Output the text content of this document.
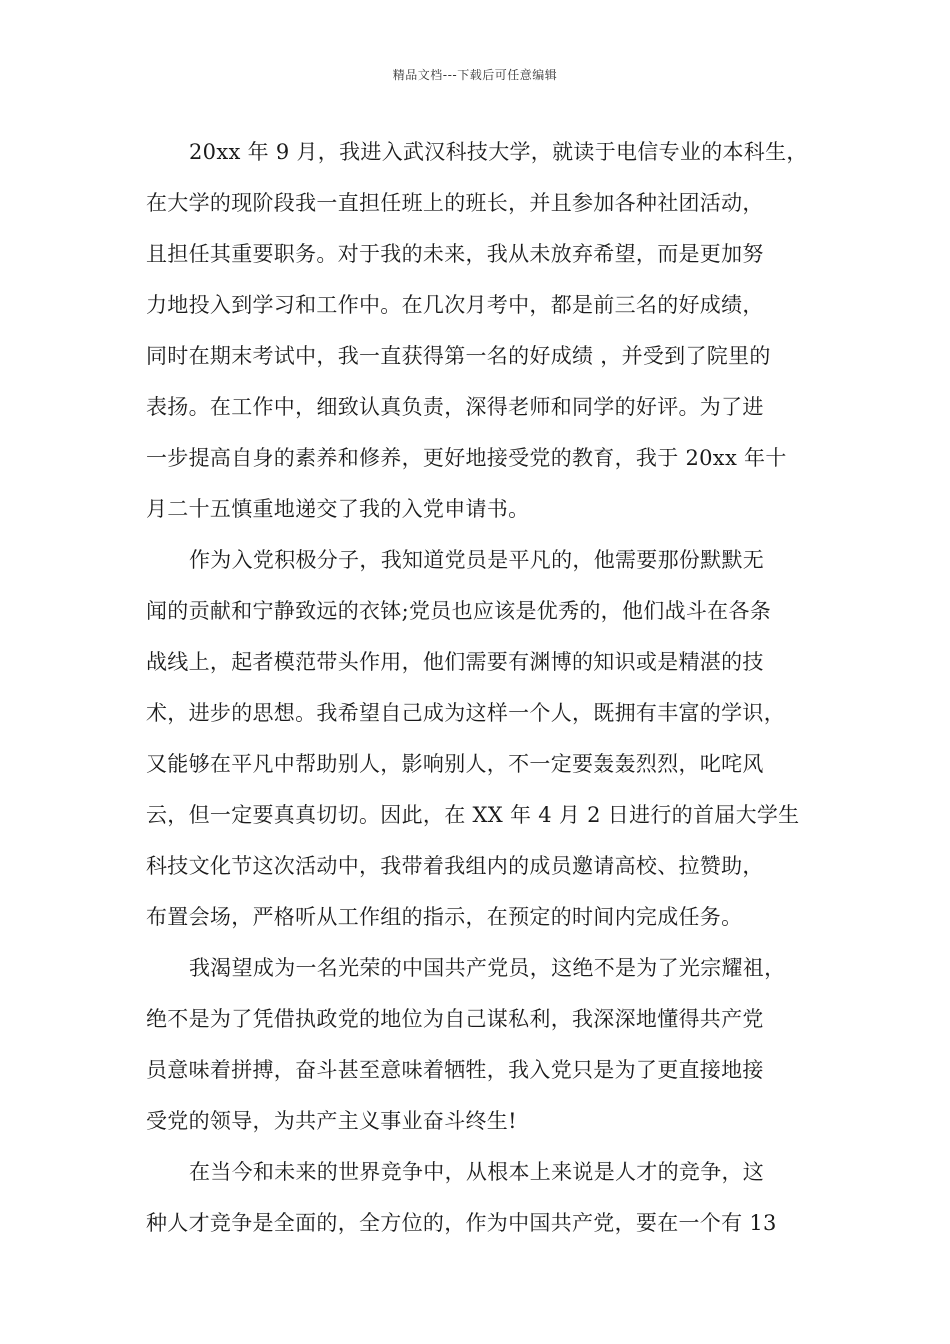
精品文档---下载后可任意编辑
20xx 年 9 月，我进入武汉科技大学，就读于电信专业的本科生，
在大学的现阶段我一直担任班上的班长，并且参加各种社团活动，
且担任其重要职务。对于我的未来，我从未放弃希望，而是更加努
力地投入到学习和工作中。在几次月考中，都是前三名的好成绩，
同时在期末考试中，我一直获得第一名的好成绩 ，并受到了院里的
表扬。在工作中，细致认真负责，深得老师和同学的好评。为了进
一步提高自身的素养和修养，更好地接受党的教育，我于 20xx 年十
月二十五慎重地递交了我的入党申请书。
作为入党积极分子，我知道党员是平凡的，他需要那份默默无
闻的贡献和宁静致远的衣钵;党员也应该是优秀的，他们战斗在各条
战线上，起者模范带头作用，他们需要有渊博的知识或是精湛的技
术，进步的思想。我希望自己成为这样一个人，既拥有丰富的学识，
又能够在平凡中帮助别人，影响别人，不一定要轰轰烈烈，叱咤风
云，但一定要真真切切。因此，在 XX 年 4 月 2 日进行的首届大学生
科技文化节这次活动中，我带着我组内的成员邀请高校、拉赞助，
布置会场，严格听从工作组的指示，在预定的时间内完成任务。
我渴望成为一名光荣的中国共产党员，这绝不是为了光宗耀祖，
绝不是为了凭借执政党的地位为自己谋私利，我深深地懂得共产党
员意味着拼搏，奋斗甚至意味着牺牲，我入党只是为了更直接地接
受党的领导，为共产主义事业奋斗终生!
在当今和未来的世界竞争中，从根本上来说是人才的竞争，这
种人才竞争是全面的，全方位的，作为中国共产党，要在一个有 13
